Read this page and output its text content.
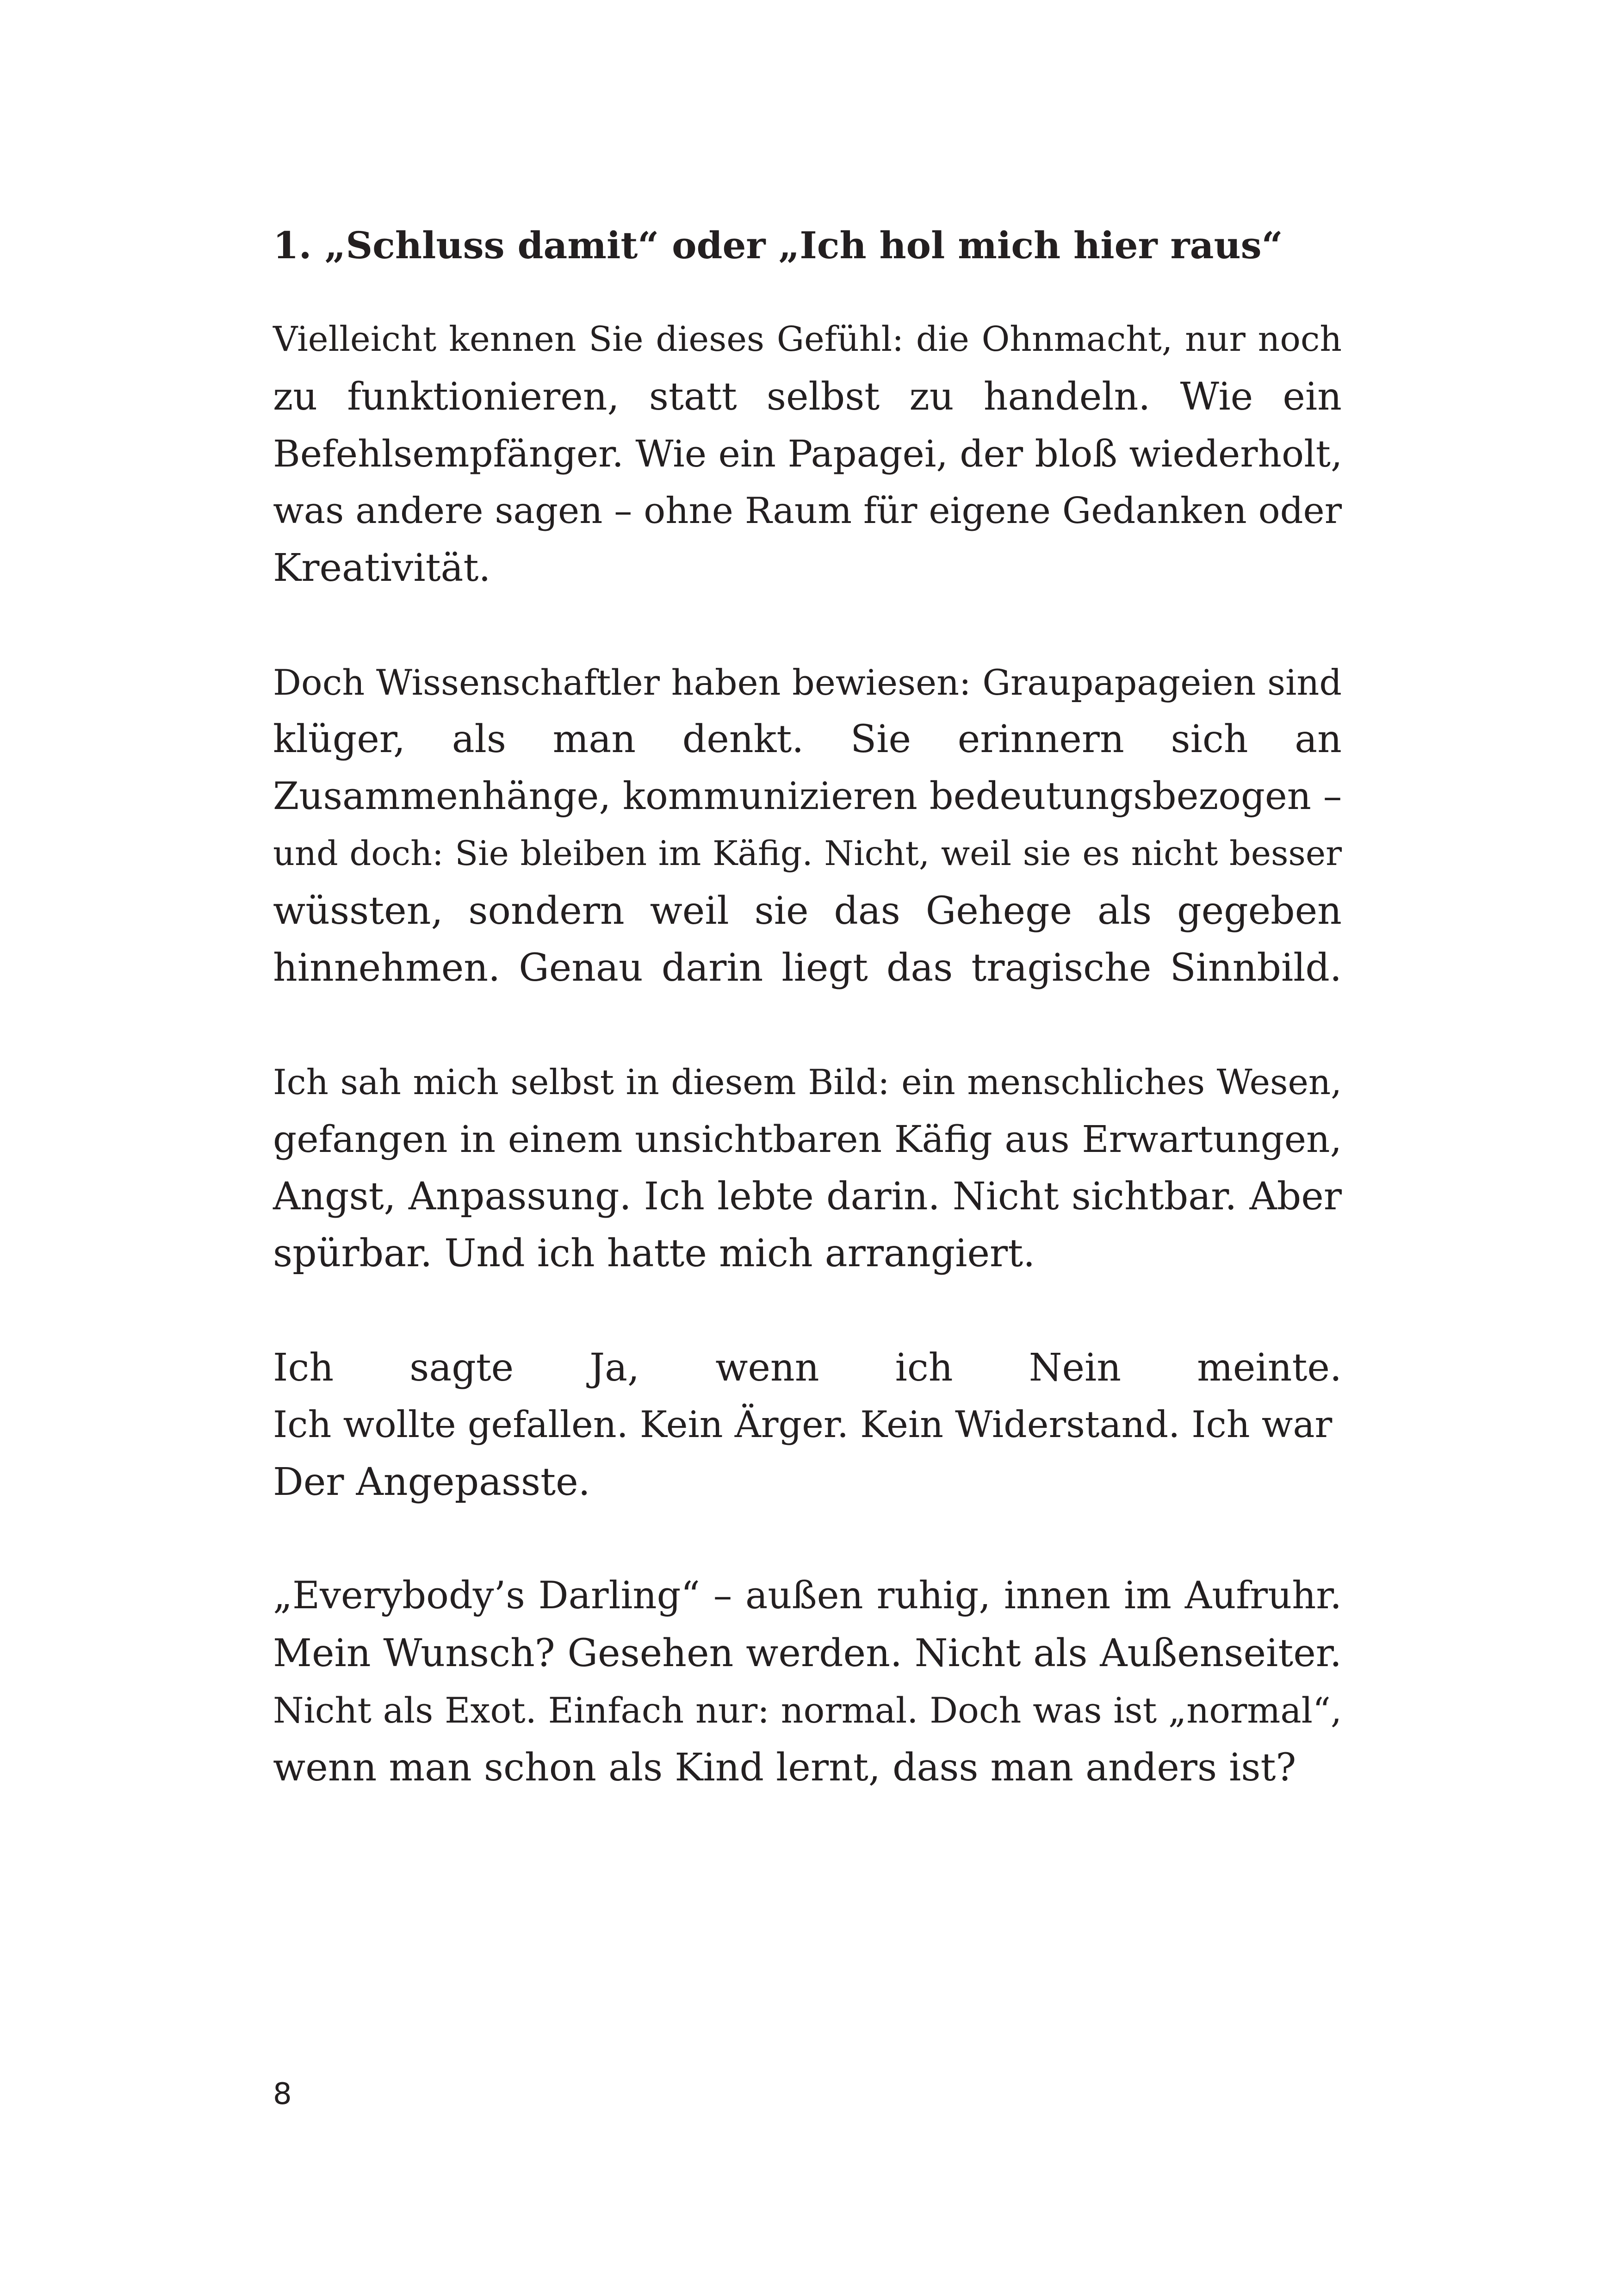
1. „Schluss damit“ oder „Ich hol mich hier raus“

Vielleicht kennen Sie dieses Gefühl: die Ohnmacht, nur noch
zu funktionieren, statt selbst zu handeln. Wie ein
Befehlsempfänger. Wie ein Papagei, der bloß wiederholt,
was andere sagen – ohne Raum für eigene Gedanken oder
Kreativität.

Doch Wissenschaftler haben bewiesen: Graupapageien sind
klüger, als man denkt. Sie erinnern sich an
Zusammenhänge, kommunizieren bedeutungsbezogen –
und doch: Sie bleiben im Käfig. Nicht, weil sie es nicht besser
wüssten, sondern weil sie das Gehege als gegeben
hinnehmen. Genau darin liegt das tragische Sinnbild.

Ich sah mich selbst in diesem Bild: ein menschliches Wesen,
gefangen in einem unsichtbaren Käfig aus Erwartungen,
Angst, Anpassung. Ich lebte darin. Nicht sichtbar. Aber
spürbar. Und ich hatte mich arrangiert.

Ich sagte Ja, wenn ich Nein meinte.
Ich wollte gefallen. Kein Ärger. Kein Widerstand. Ich war
Der Angepasste.

„Everybody’s Darling“ – außen ruhig, innen im Aufruhr.
Mein Wunsch? Gesehen werden. Nicht als Außenseiter.
Nicht als Exot. Einfach nur: normal. Doch was ist „normal“,
wenn man schon als Kind lernt, dass man anders ist?

8
